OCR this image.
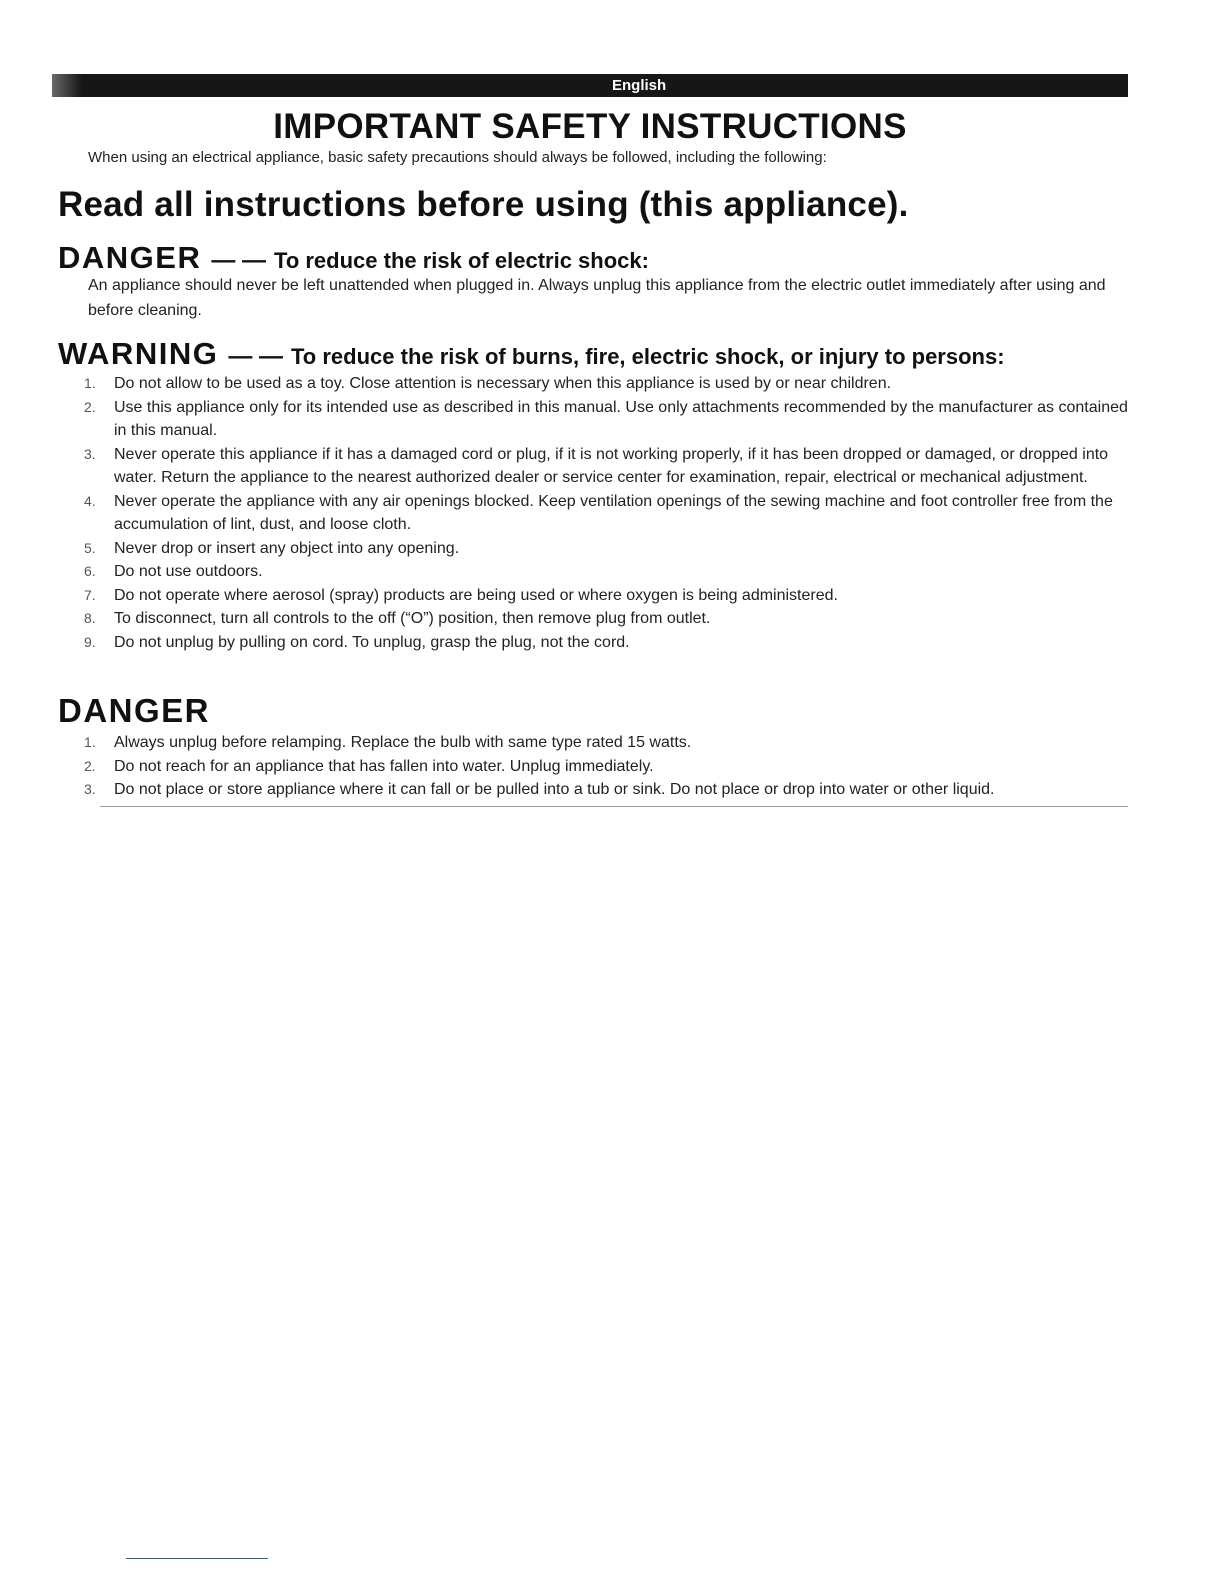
English
IMPORTANT SAFETY INSTRUCTIONS
When using an electrical appliance, basic safety precautions should always be followed, including the following:
Read all instructions before using (this appliance).
DANGER — — To reduce the risk of electric shock:
An appliance should never be left unattended when plugged in. Always unplug this appliance from the electric outlet immediately after using and before cleaning.
WARNING — — To reduce the risk of burns, fire, electric shock, or injury to persons:
1.	Do not allow to be used as a toy. Close attention is necessary when this appliance is used by or near children.
2.	Use this appliance only for its intended use as described in this manual. Use only attachments recommended by the manufacturer as contained in this manual.
3.	Never operate this appliance if it has a damaged cord or plug, if it is not working properly, if it has been dropped or damaged, or dropped into water. Return the appliance to the nearest authorized dealer or service center for examination, repair, electrical or mechanical adjustment.
4.	Never operate the appliance with any air openings blocked. Keep ventilation openings of the sewing machine and foot controller free from the accumulation of lint, dust, and loose cloth.
5.	Never drop or insert any object into any opening.
6.	Do not use outdoors.
7.	Do not operate where aerosol (spray) products are being used or where oxygen is being administered.
8.	To disconnect, turn all controls to the off (“O”) position, then remove plug from outlet.
9.	Do not unplug by pulling on cord. To unplug, grasp the plug, not the cord.
DANGER
1.	Always unplug before relamping. Replace the bulb with same type rated 15 watts.
2.	Do not reach for an appliance that has fallen into water. Unplug immediately.
3.	Do not place or store appliance where it can fall or be pulled into a tub or sink. Do not place or drop into water or other liquid.
